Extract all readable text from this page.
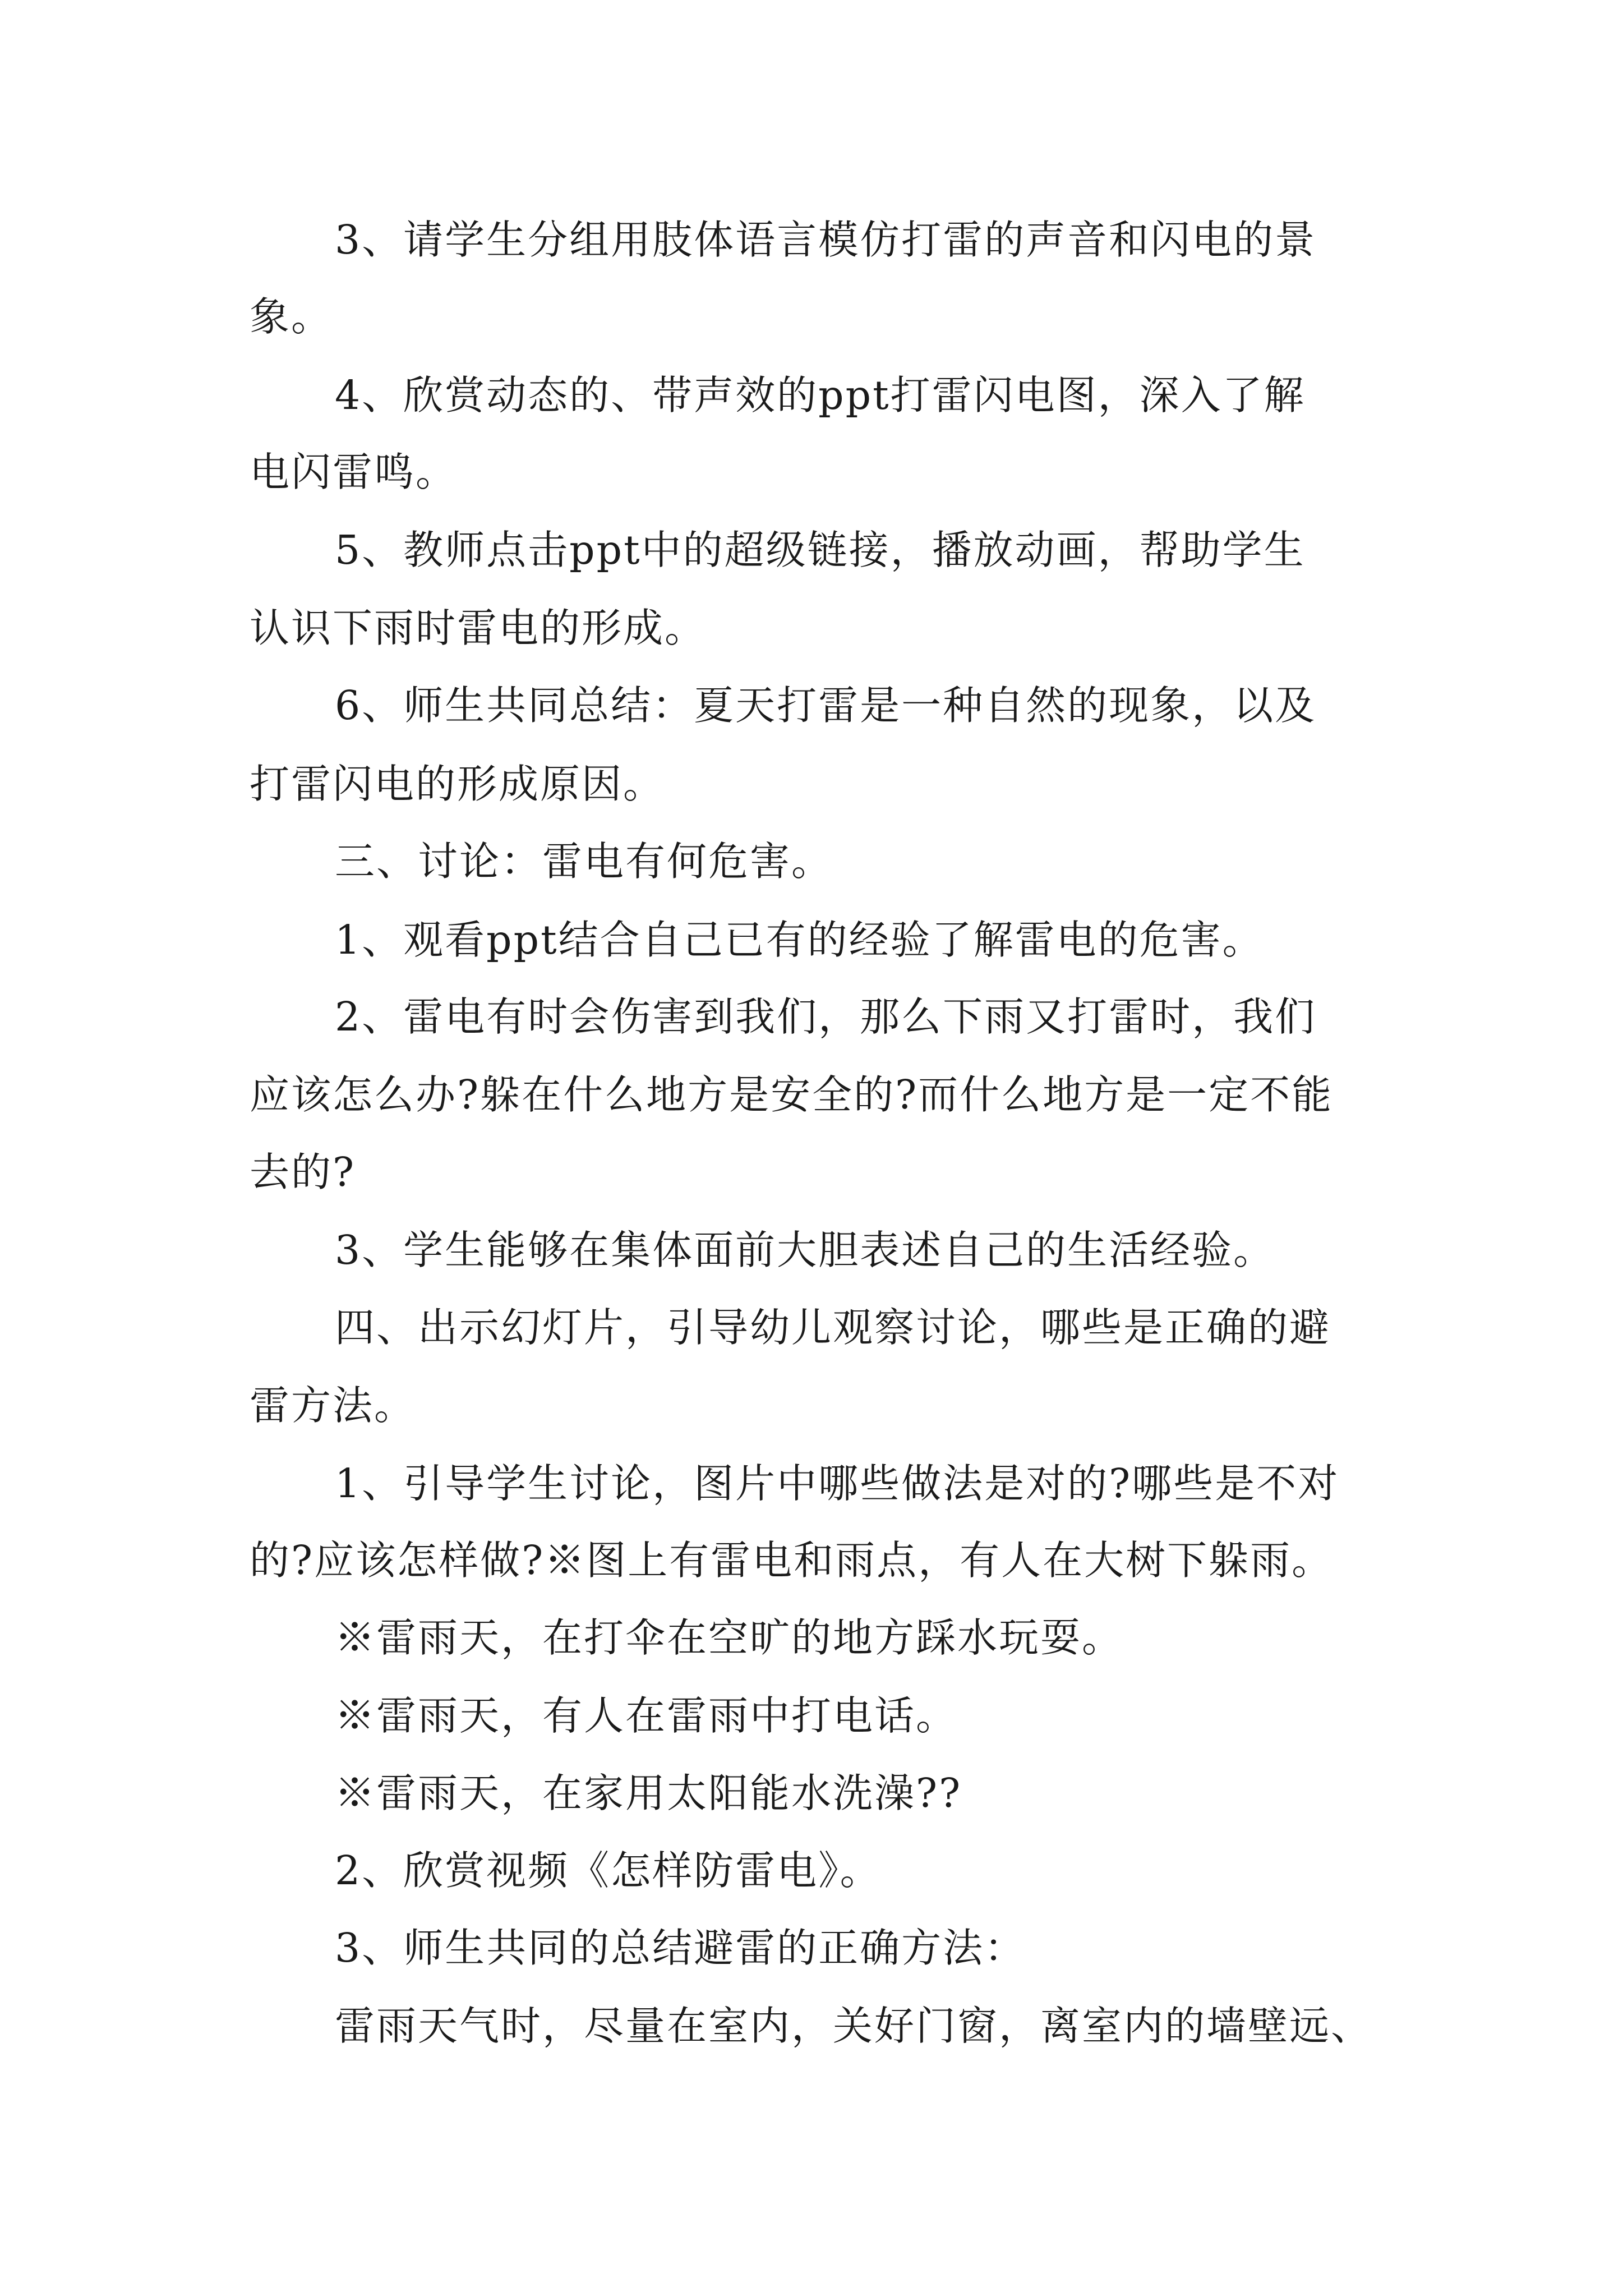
3、请学生分组用肢体语言模仿打雷的声音和闪电的景
象。
4、欣赏动态的、带声效的ppt打雷闪电图，深入了解
电闪雷鸣。
5、教师点击ppt中的超级链接，播放动画，帮助学生
认识下雨时雷电的形成。
6、师生共同总结：夏天打雷是一种自然的现象，以及
打雷闪电的形成原因。
三、讨论：雷电有何危害。
1、观看ppt结合自己已有的经验了解雷电的危害。
2、雷电有时会伤害到我们，那么下雨又打雷时，我们
应该怎么办?躲在什么地方是安全的?而什么地方是一定不能
去的?
3、学生能够在集体面前大胆表述自己的生活经验。
四、出示幻灯片，引导幼儿观察讨论，哪些是正确的避
雷方法。
1、引导学生讨论，图片中哪些做法是对的?哪些是不对
的?应该怎样做?※图上有雷电和雨点，有人在大树下躲雨。
※雷雨天，在打伞在空旷的地方踩水玩耍。
※雷雨天，有人在雷雨中打电话。
※雷雨天，在家用太阳能水洗澡??
2、欣赏视频《怎样防雷电》。
3、师生共同的总结避雷的正确方法：
雷雨天气时，尽量在室内，关好门窗，离室内的墙壁远、
